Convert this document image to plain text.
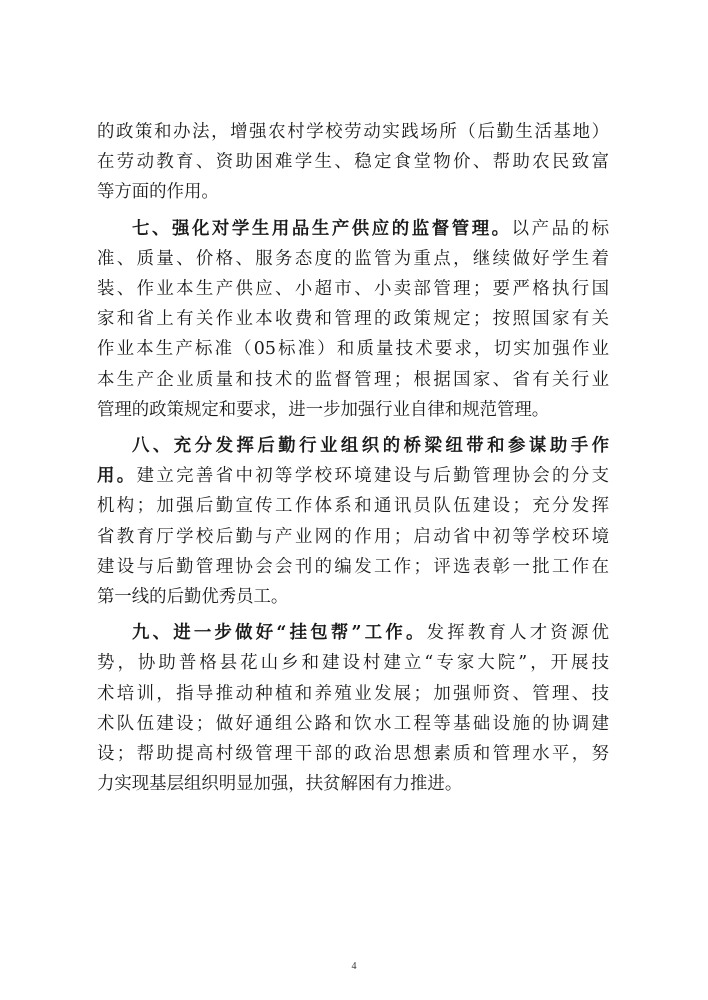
的政策和办法，增强农村学校劳动实践场所（后勤生活基地）
在劳动教育、资助困难学生、稳定食堂物价、帮助农民致富
等方面的作用。
七、强化对学生用品生产供应的监督管理。以产品的标
准、质量、价格、服务态度的监管为重点，继续做好学生着
装、作业本生产供应、小超市、小卖部管理；要严格执行国
家和省上有关作业本收费和管理的政策规定；按照国家有关
作业本生产标准（05标准）和质量技术要求，切实加强作业
本生产企业质量和技术的监督管理；根据国家、省有关行业
管理的政策规定和要求，进一步加强行业自律和规范管理。
八、充分发挥后勤行业组织的桥梁纽带和参谋助手作
用。建立完善省中初等学校环境建设与后勤管理协会的分支
机构；加强后勤宣传工作体系和通讯员队伍建设；充分发挥
省教育厅学校后勤与产业网的作用；启动省中初等学校环境
建设与后勤管理协会会刊的编发工作；评选表彰一批工作在
第一线的后勤优秀员工。
九、进一步做好“挂包帮”工作。发挥教育人才资源优
势，协助普格县花山乡和建设村建立“专家大院”，开展技
术培训，指导推动种植和养殖业发展；加强师资、管理、技
术队伍建设；做好通组公路和饮水工程等基础设施的协调建
设；帮助提高村级管理干部的政治思想素质和管理水平，努
力实现基层组织明显加强，扶贫解困有力推进。
4
